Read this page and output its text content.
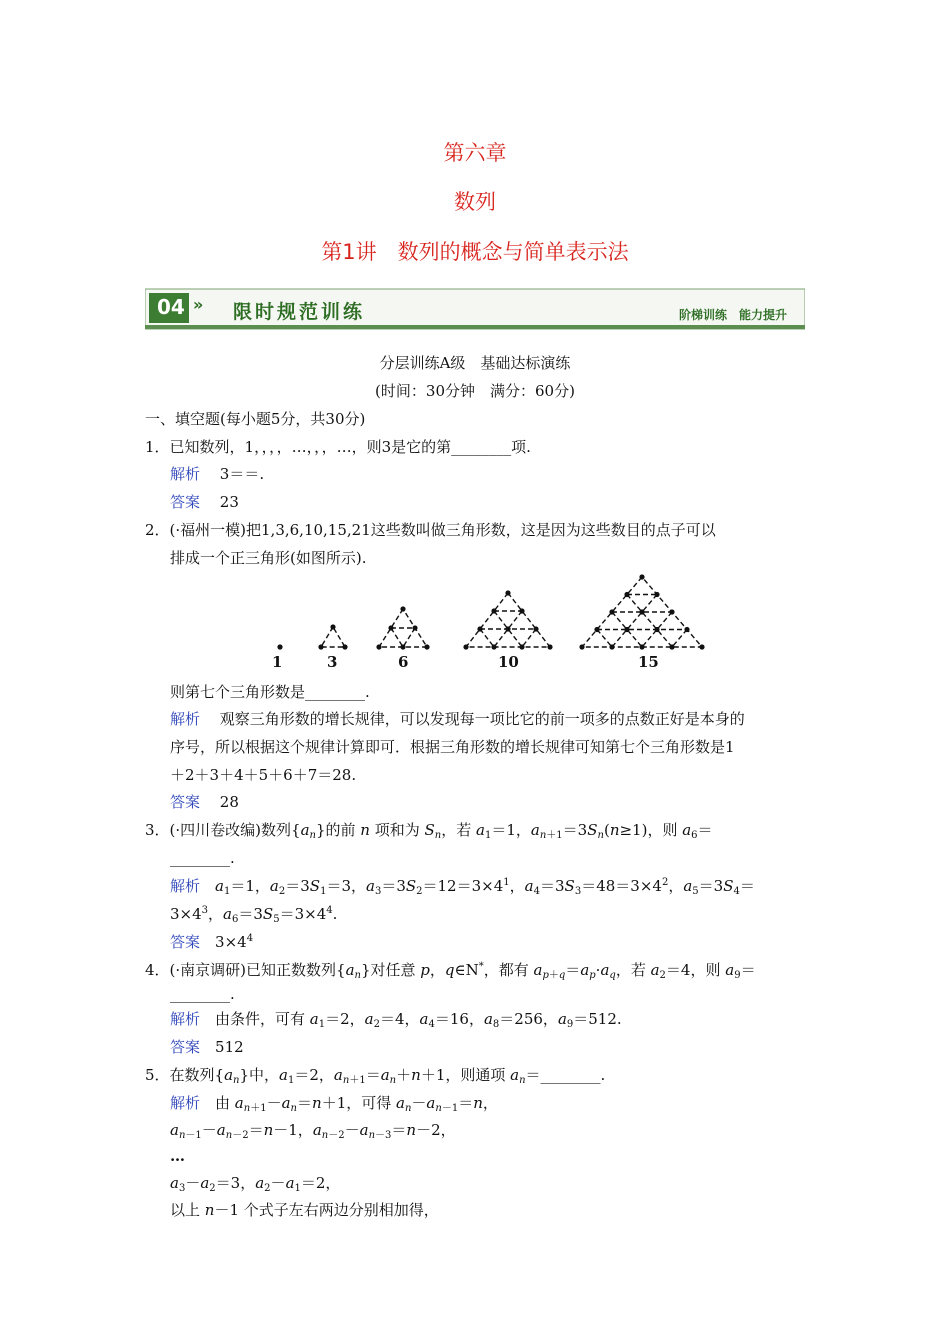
第六章
数列
第1讲　数列的概念与简单表示法
04 » 限时规范训练	阶梯训练　能力提升
分层训练A级　基础达标演练
(时间：30分钟　满分：60分)
一、填空题(每小题5分，共30分)
1．已知数列，1，，，，…，，，…，则3是它的第________项.
解析　 3＝＝.
答案　 23
2．(·福州一模)把1,3,6,10,15,21这些数叫做三角形数，这是因为这些数目的点子可以
排成一个正三角形(如图所示).
1	3	6	10	15
则第七个三角形数是________.
解析　 观察三角形数的增长规律，可以发现每一项比它的前一项多的点数正好是本身的
序号，所以根据这个规律计算即可．根据三角形数的增长规律可知第七个三角形数是1
＋2＋3＋4＋5＋6＋7＝28.
答案　 28
3．(·四川卷改编)数列$\{a_n\}$的前 n 项和为 $S_n$，若 $a_1=1$，$a_{n+1}=3S_n(n\ge 1)$，则 $a_6=$
________.
解析　 $a_1=1$，$a_2=3S_1=3$，$a_3=3S_2=12=3\times 4^1$，$a_4=3S_3=48=3\times 4^2$，$a_5=3S_4=$
$3\times 4^3$，$a_6=3S_5=3\times 4^4$.
答案　 $3\times 4^4$
4．(·南京调研)已知正数数列$\{a_n\}$对任意 p，q∈N*，都有 $a_{p+q}=a_p\cdot a_q$，若 $a_2=4$，则 $a_9=$
________.
解析　由条件，可有 $a_1=2$，$a_2=4$，$a_4=16$，$a_8=256$，$a_9=512$.
答案　 512
5．在数列$\{a_n\}$中，$a_1=2$，$a_{n+1}=a_n+n+1$，则通项 $a_n=\_\_\_\_\_\_\_\_$.
解析　由 $a_{n+1}-a_n=n+1$，可得 $a_n-a_{n-1}=n$，
$a_{n-1}-a_{n-2}=n-1$，$a_{n-2}-a_{n-3}=n-2$，
…
$a_3-a_2=3$，$a_2-a_1=2$，
以上 n－1 个式子左右两边分别相加得，
